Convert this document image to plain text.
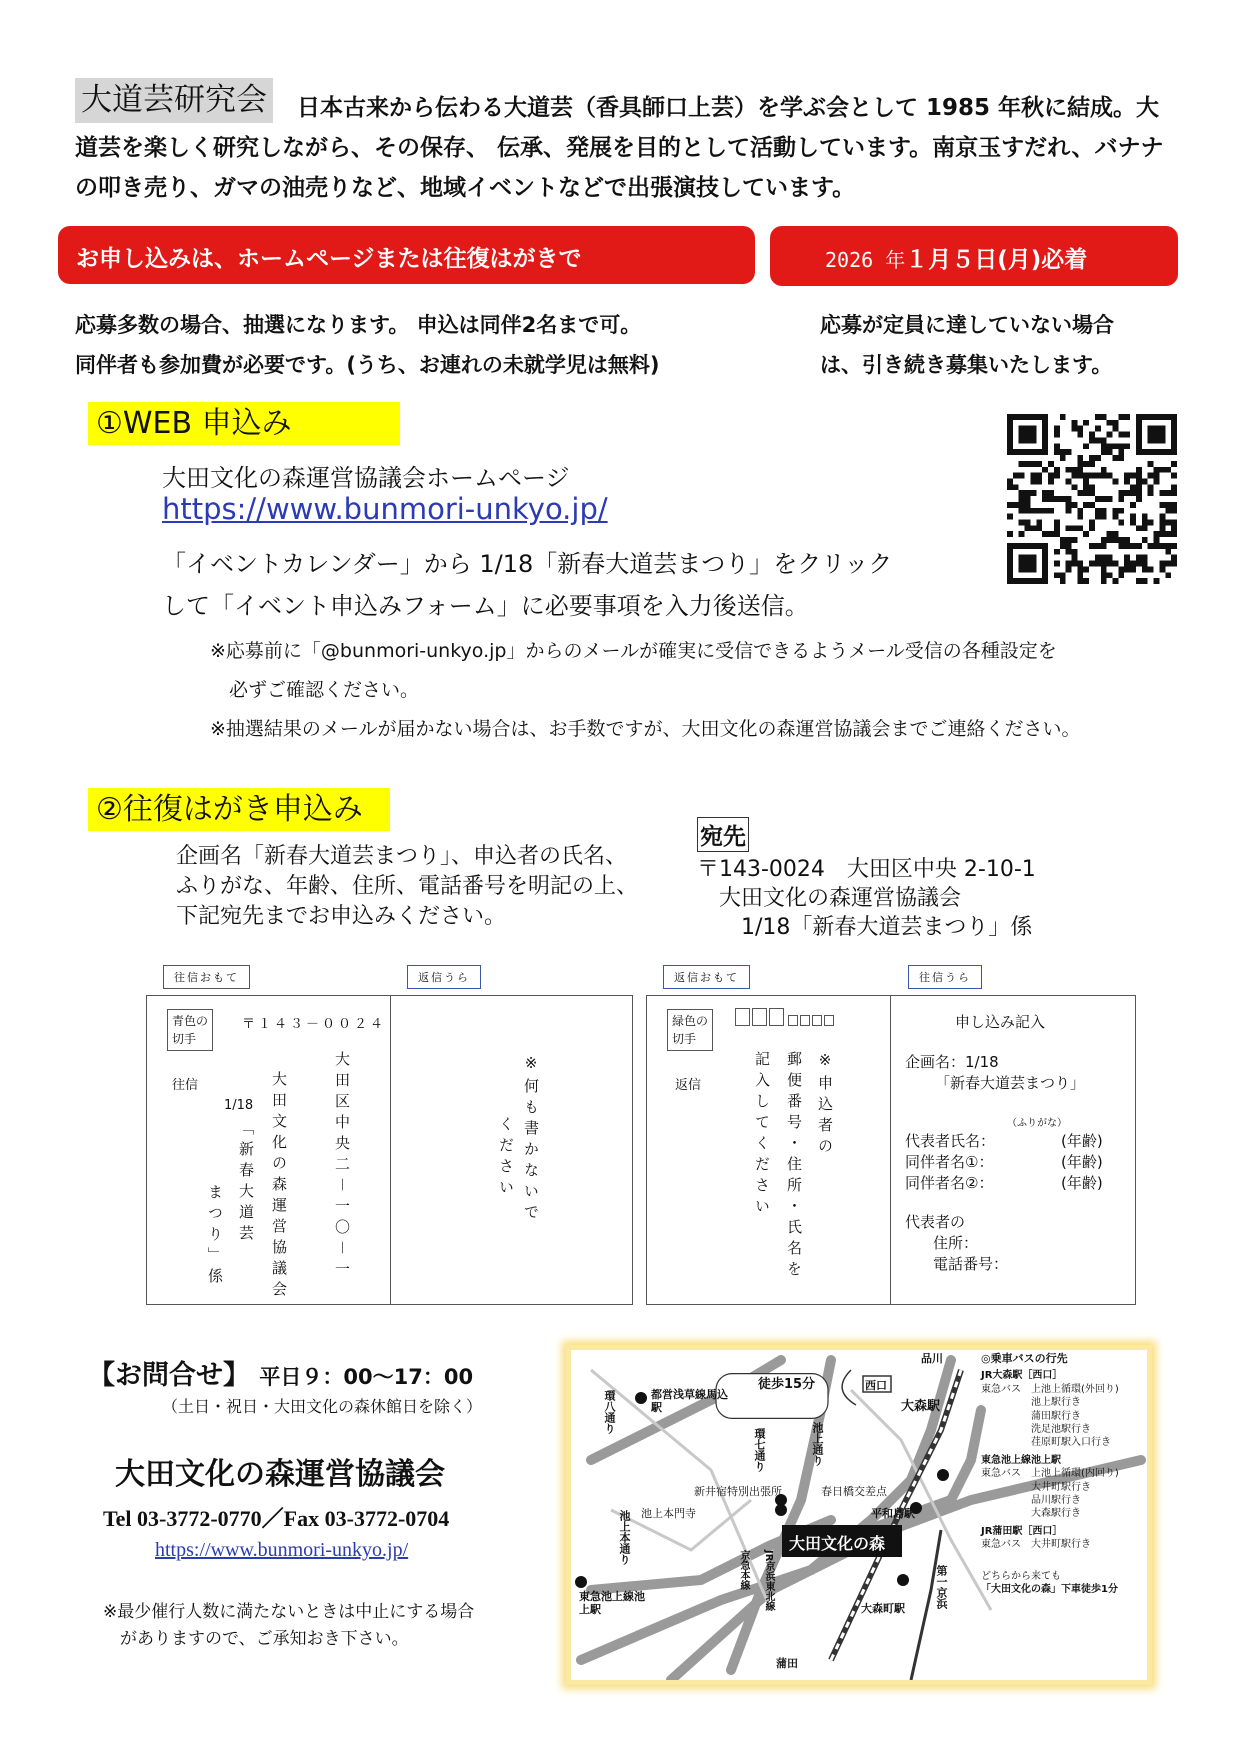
日本古来から伝わる大道芸（香具師口上芸）を学ぶ会として 1985 年秋に結成。大道芸を楽しく研究しながら、その保存、 伝承、発展を目的として活動しています。南京玉すだれ、バナナの叩き売り、ガマの油売りなど、地域イベントなどで出張演技しています。
大道芸研究会
お申し込みは、ホームページまたは往復はがきで	2026 年１月５日(月)必着
応募多数の場合、抽選になります。 申込は同伴2名まで可。
同伴者も参加費が必要です。(うち、お連れの未就学児は無料)
応募が定員に達していない場合
は、引き続き募集いたします。
①WEB 申込み
大田文化の森運営協議会ホームページ
https://www.bunmori-unkyo.jp/
「イベントカレンダー」から 1/18「新春大道芸まつり」をクリック
して「イベント申込みフォーム」に必要事項を入力後送信。
※応募前に「@bunmori-unkyo.jp」からのメールが確実に受信できるようメール受信の各種設定を
　必ずご確認ください。
※抽選結果のメールが届かない場合は、お手数ですが、大田文化の森運営協議会までご連絡ください。
②往復はがき申込み
企画名「新春大道芸まつり」、申込者の氏名、
ふりがな、年齢、住所、電話番号を明記の上、
下記宛先までお申込みください。
宛先
〒143-0024　大田区中央 2-10-1
　大田文化の森運営協議会
　　1/18「新春大道芸まつり」係
往信おもて	返信うら	返信おもて	往信うら
青色の
切手
〒１４３－００２４
大田区中央二－一〇－一
大田文化の森運営協議会
往信
1/18
「新春大道芸
まつり」係
※何も書かないで
ください
緑色の
切手
返信	※申込者の
郵便番号・住所・氏名を
記入してください
申し込み記入
企画名：1/18
「新春大道芸まつり」
（ふりがな）
代表者氏名：	(年齢)
同伴者名①：	(年齢)
同伴者名②：	(年齢)
代表者の
住所：
電話番号：
【お問合せ】 平日９：00～17：00
（土日・祝日・大田文化の森休館日を除く）
大田文化の森運営協議会
Tel 03-3772-0770／Fax 03-3772-0704
https://www.bunmori-unkyo.jp/
※最少催行人数に満たないときは中止にする場合
　がありますので、ご承知おき下さい。
徒歩15分	西口
大森駅
品川
都営浅草線馬込駅
新井宿特別出張所	春日橋交差点
池上本門寺	平和島駅
大田文化の森
東急池上線池上駅	大森町駅
蒲田
環七通り	池上通り
池上本通り
第一京浜
環八通り
JR京浜東北線
京急本線
◎乗車バスの行先
JR大森駅［西口］
東急バス　上池上循環(外回り)
　　　　　池上駅行き
　　　　　蒲田駅行き
　　　　　洗足池駅行き
　　　　　荏原町駅入口行き
東急池上線池上駅
東急バス　上池上循環(内回り)
　　　　　大井町駅行き
　　　　　品川駅行き
　　　　　大森駅行き
JR蒲田駅［西口］
東急バス　大井町駅行き
どちらから来ても
「大田文化の森」下車徒歩1分
